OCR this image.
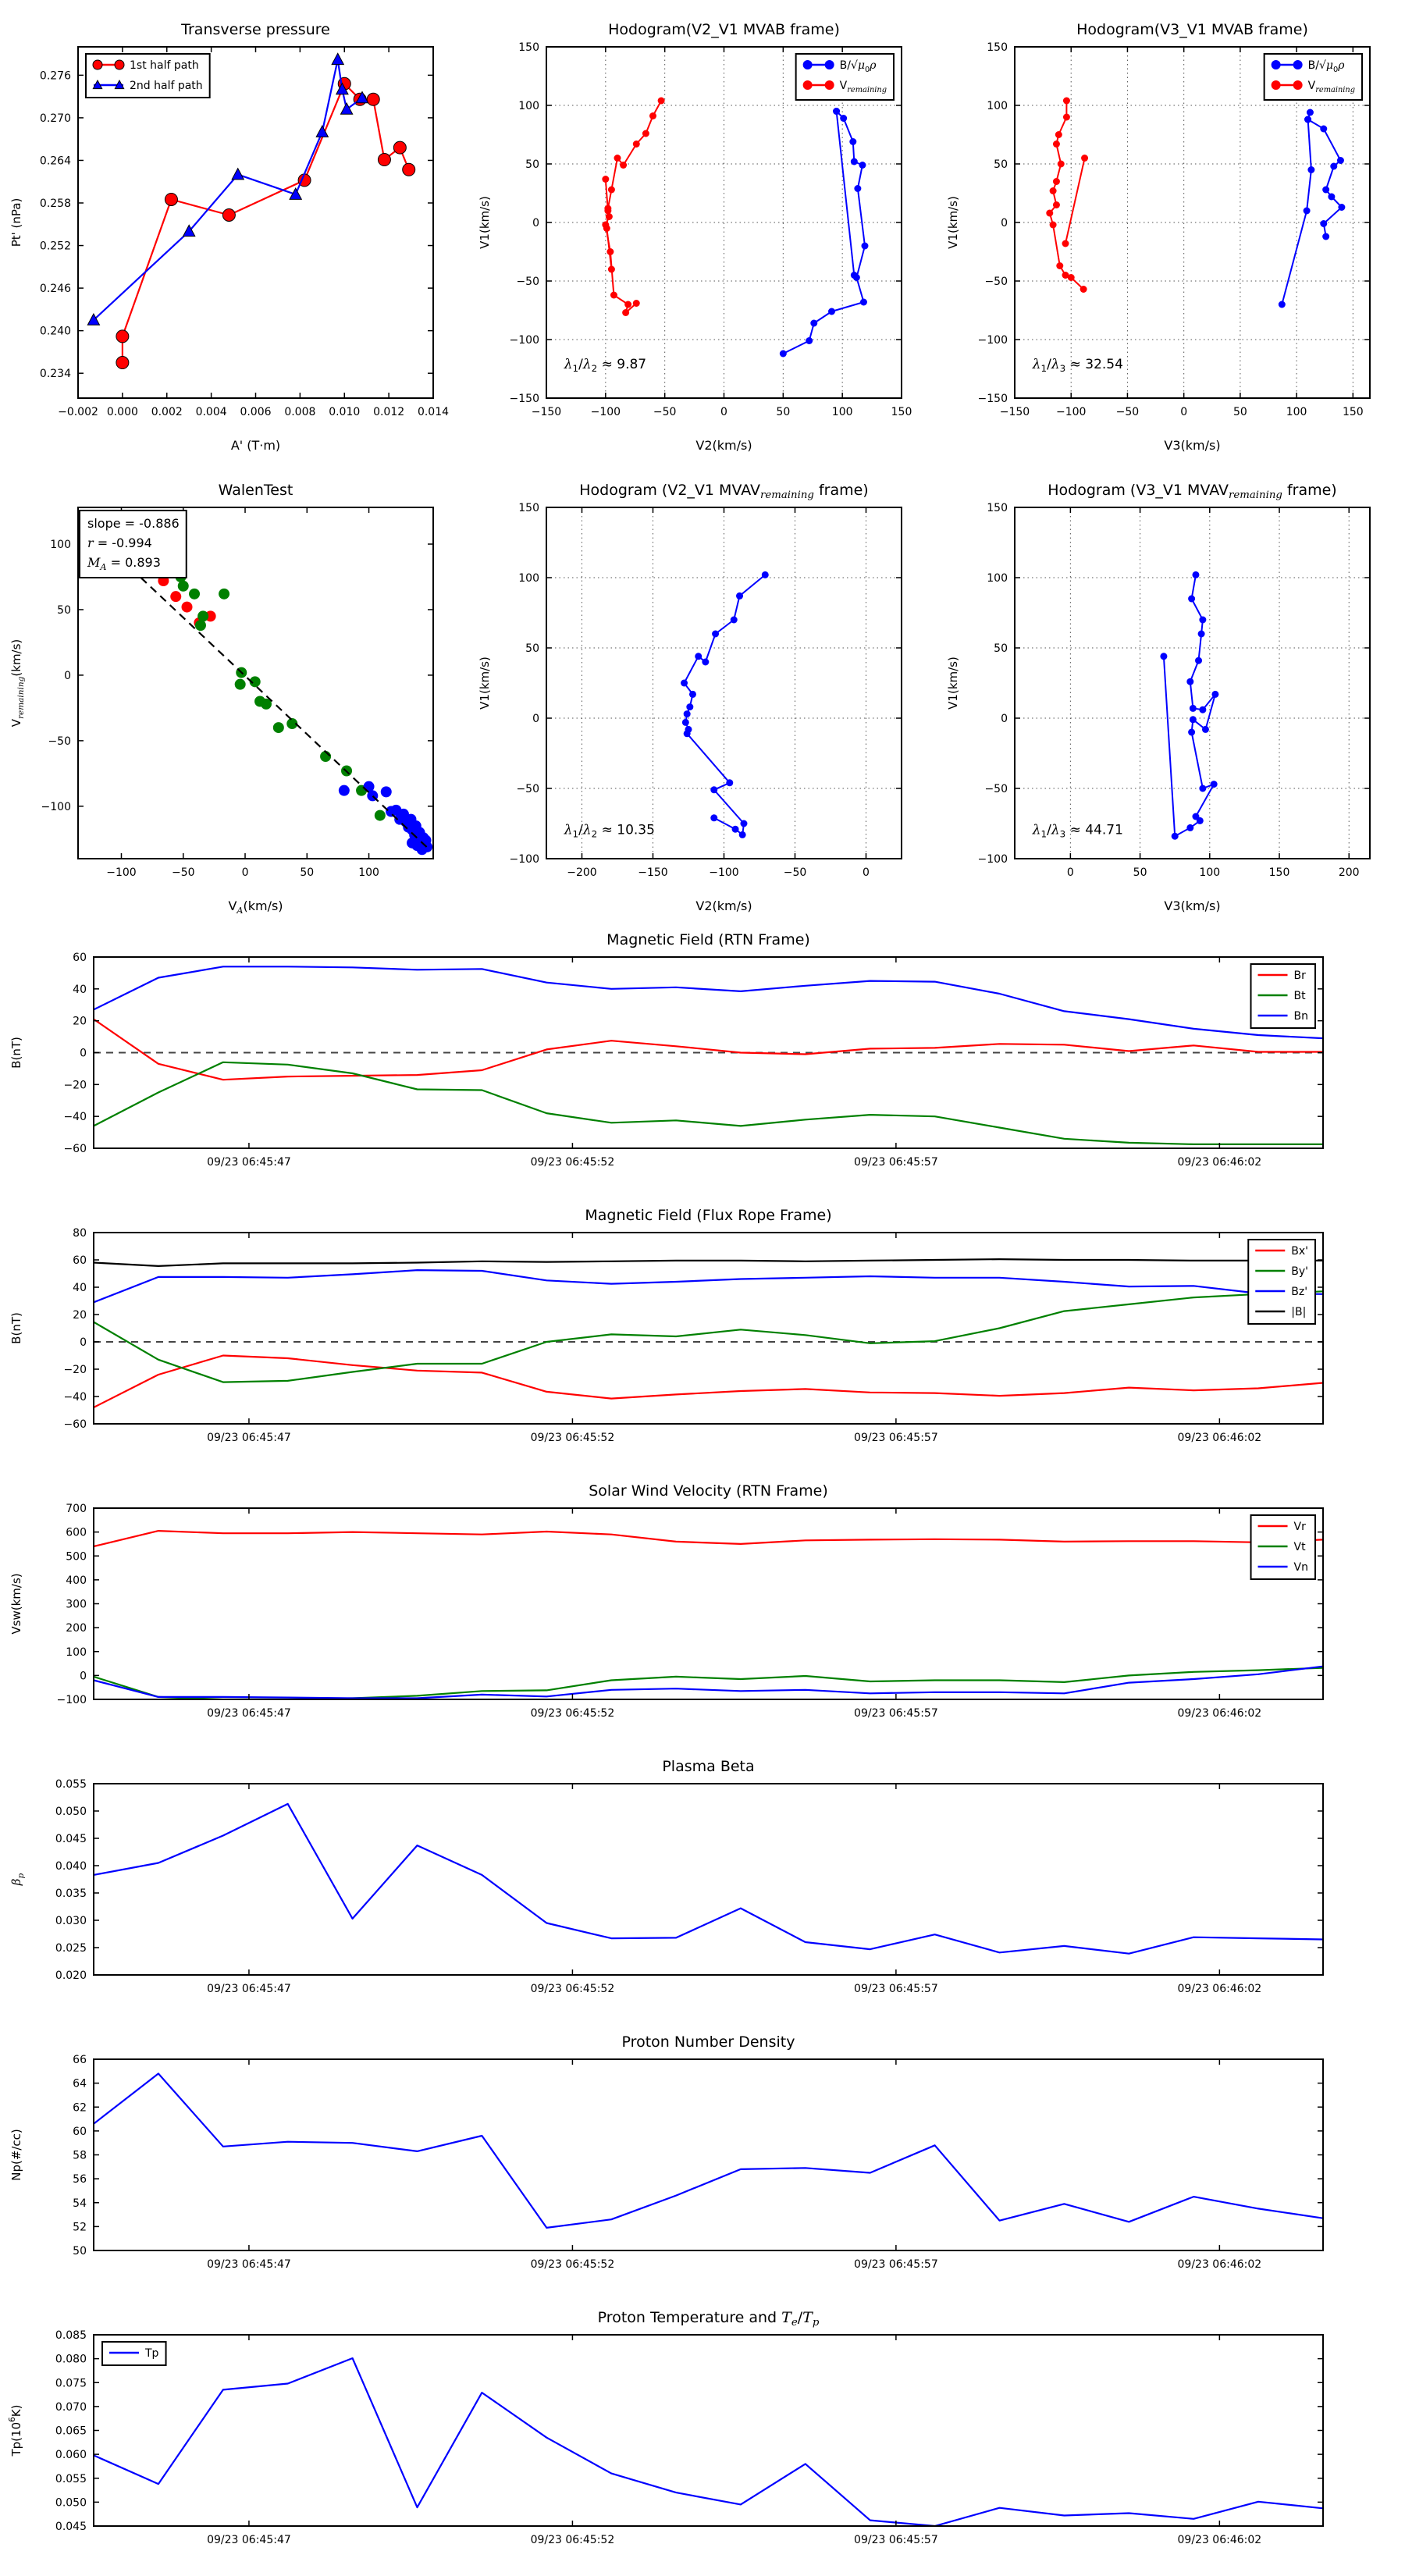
−0.002 0.000 0.002 0.004 0.006 0.008 0.010 0.012 0.014
0.234
0.240
0.246
0.252
0.258
0.264
0.270
0.276
Transverse pressure
A' (T·m)
Pt' (nPa)
1st half path
2nd half path
−150	−100	−50	0	50	100	150
−150
−100
−50
0
50
100
150
Hodogram(V2_V1 MVAB frame)
V2(km/s)
V1(km/s)
$\lambda_1/\lambda_2 \approx 9.87$
$B/√\mu_0\rho$
$V_{remaining}$
−150 −100	−50	0	50	100	150
−150
−100
−50
0
50
100
150
Hodogram(V3_V1 MVAB frame)
V3(km/s)
V1(km/s)
$\lambda_1/\lambda_3 \approx 32.54$
$B/√\mu_0\rho$
$V_{remaining}$
−100	−50	0	50	100
−100
−50
0
50
100
WalenTest
$V_A(km/s)$
$V_{remaining}(km/s)$
slope = -0.886
r = -0.994
$M_A = 0.893$
−200	−150	−100	−50	0
−100
−50
0
50
100
150
Hodogram (V2_V1 $MVAV_{remaining}$ frame)
V2(km/s)
V1(km/s)
$\lambda_1/\lambda_2 \approx 10.35$
0	50	100	150	200
−100
−50
0
50
100
150
Hodogram (V3_V1 $MVAV_{remaining}$ frame)
V3(km/s)
V1(km/s)
$\lambda_1/\lambda_3 \approx 44.71$
09/23 06:45:47	09/23 06:45:52	09/23 06:45:57	09/23 06:46:02
−60
−40
−20
0
20
40
60
Magnetic Field (RTN Frame)
B(nT)
Br
Bt
Bn
09/23 06:45:47	09/23 06:45:52	09/23 06:45:57	09/23 06:46:02
−60
−40
−20
0
20
40
60
80
Magnetic Field (Flux Rope Frame)
B(nT)
Bx'
By'
Bz'
|B|
09/23 06:45:47	09/23 06:45:52	09/23 06:45:57	09/23 06:46:02
−100
0
100
200
300
400
500
600
700
Solar Wind Velocity (RTN Frame)
Vsw(km/s)
Vr
Vt
Vn
09/23 06:45:47	09/23 06:45:52	09/23 06:45:57	09/23 06:46:02
0.020
0.025
0.030
0.035
0.040
0.045
0.050
0.055
Plasma Beta
$\beta_p$
09/23 06:45:47	09/23 06:45:52	09/23 06:45:57	09/23 06:46:02
50
52
54
56
58
60
62
64
66
Proton Number Density
Np(#/cc)
09/23 06:45:47	09/23 06:45:52	09/23 06:45:57	09/23 06:46:02
0.045
0.050
0.055
0.060
0.065
0.070
0.075
0.080
0.085
Proton Temperature and $T_e/T_p$
$Tp(10^6K)$
Tp
